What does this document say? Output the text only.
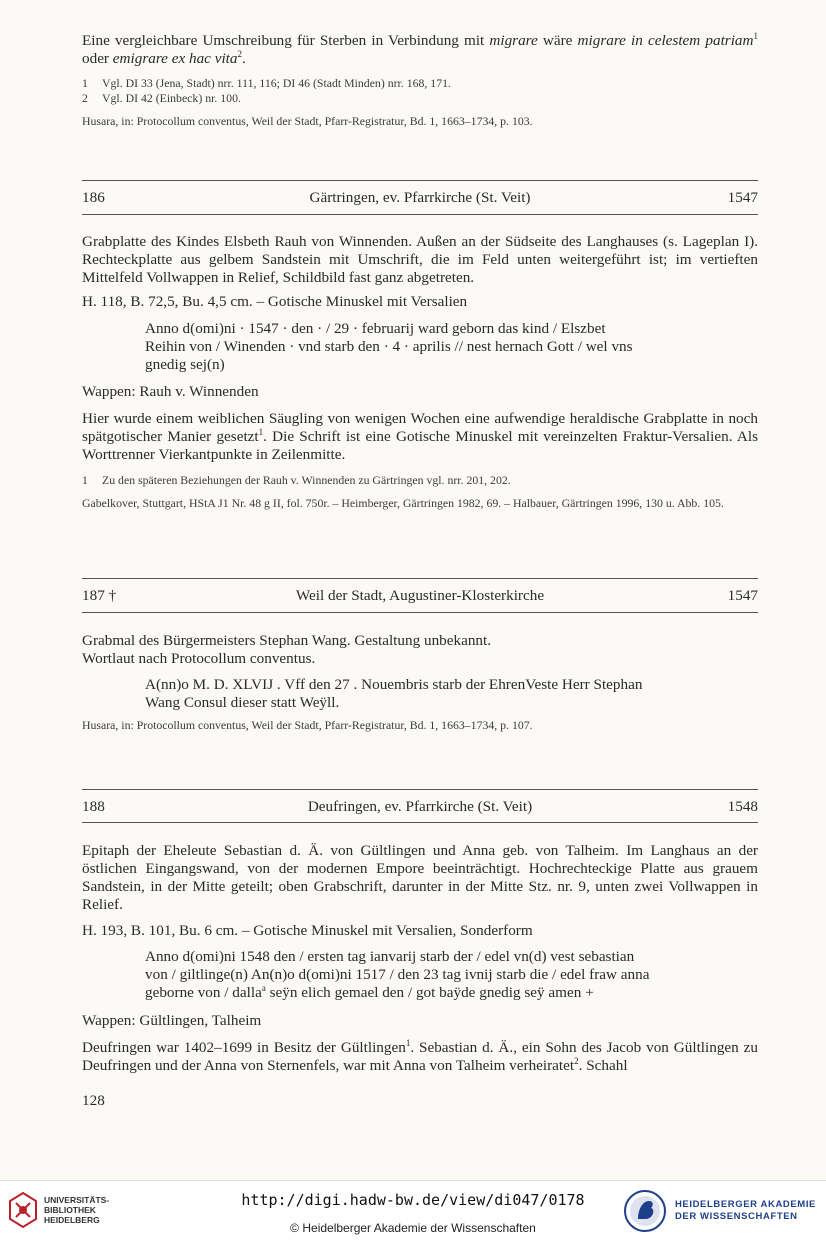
Eine vergleichbare Umschreibung für Sterben in Verbindung mit migrare wäre migrare in celestem patriam$^1$ oder emigrare ex hac vita$^2$.

1	Vgl. DI 33 (Jena, Stadt) nrr. 111, 116; DI 46 (Stadt Minden) nrr. 168, 171.

2	Vgl. DI 42 (Einbeck) nr. 100.

Husara, in: Protocollum conventus, Weil der Stadt, Pfarr-Registratur, Bd. 1, 1663–1734, p. 103.

186	Gärtringen, ev. Pfarrkirche (St. Veit)	1547

Grabplatte des Kindes Elsbeth Rauh von Winnenden. Außen an der Südseite des Langhauses (s. Lageplan I). Rechteckplatte aus gelbem Sandstein mit Umschrift, die im Feld unten weitergeführt ist; im vertieften Mittelfeld Vollwappen in Relief, Schildbild fast ganz abgetreten.

H. 118, B. 72,5, Bu. 4,5 cm. – Gotische Minuskel mit Versalien

Anno d(omi)ni · 1547 · den · / 29 · februarij ward geborn das kind / Elszbet

Reihin von / Winenden · vnd starb den · 4 · aprilis // nest hernach Gott / wel vns

gnedig sej(n)

Wappen: Rauh v. Winnenden

Hier wurde einem weiblichen Säugling von wenigen Wochen eine aufwendige heraldische Grabplatte in noch spätgotischer Manier gesetzt$^1$. Die Schrift ist eine Gotische Minuskel mit vereinzelten Fraktur-Versalien. Als Worttrenner Vierkantpunkte in Zeilenmitte.

1	Zu den späteren Beziehungen der Rauh v. Winnenden zu Gärtringen vgl. nrr. 201, 202.

Gabelkover, Stuttgart, HStA J1 Nr. 48 g II, fol. 750r. – Heimberger, Gärtringen 1982, 69. – Halbauer, Gärtringen 1996, 130 u. Abb. 105.

187 †	Weil der Stadt, Augustiner-Klosterkirche	1547

Grabmal des Bürgermeisters Stephan Wang. Gestaltung unbekannt.

Wortlaut nach Protocollum conventus.

A(nn)o M. D. XLVIJ . Vff den 27 . Nouembris starb der EhrenVeste Herr Stephan

Wang Consul dieser statt Weÿll.

Husara, in: Protocollum conventus, Weil der Stadt, Pfarr-Registratur, Bd. 1, 1663–1734, p. 107.

188	Deufringen, ev. Pfarrkirche (St. Veit)	1548

Epitaph der Eheleute Sebastian d. Ä. von Gültlingen und Anna geb. von Talheim. Im Langhaus an der östlichen Eingangswand, von der modernen Empore beeinträchtigt. Hochrechteckige Platte aus grauem Sandstein, in der Mitte geteilt; oben Grabschrift, darunter in der Mitte Stz. nr. 9, unten zwei Vollwappen in Relief.

H. 193, B. 101, Bu. 6 cm. – Gotische Minuskel mit Versalien, Sonderform

Anno d(omi)ni 1548 den / ersten tag ianvarij starb der / edel vn(d) vest sebastian

von / giltlinge(n) An(n)o d(omi)ni 1517 / den 23 tag ivnij starb die / edel fraw anna

geborne von / dalla$^a$ seÿn elich gemael den / got baÿde gnedig seÿ amen +

Wappen: Gültlingen, Talheim

Deufringen war 1402–1699 in Besitz der Gültlingen$^1$. Sebastian d. Ä., ein Sohn des Jacob von Gültlingen zu Deufringen und der Anna von Sternenfels, war mit Anna von Talheim verheiratet$^2$. Schahl

128
UNIVERSITÄTS-
BIBLIOTHEK
HEIDELBERG
http://digi.hadw-bw.de/view/di047/0178
© Heidelberger Akademie der Wissenschaften
HEIDELBERGER AKADEMIE
DER WISSENSCHAFTEN
